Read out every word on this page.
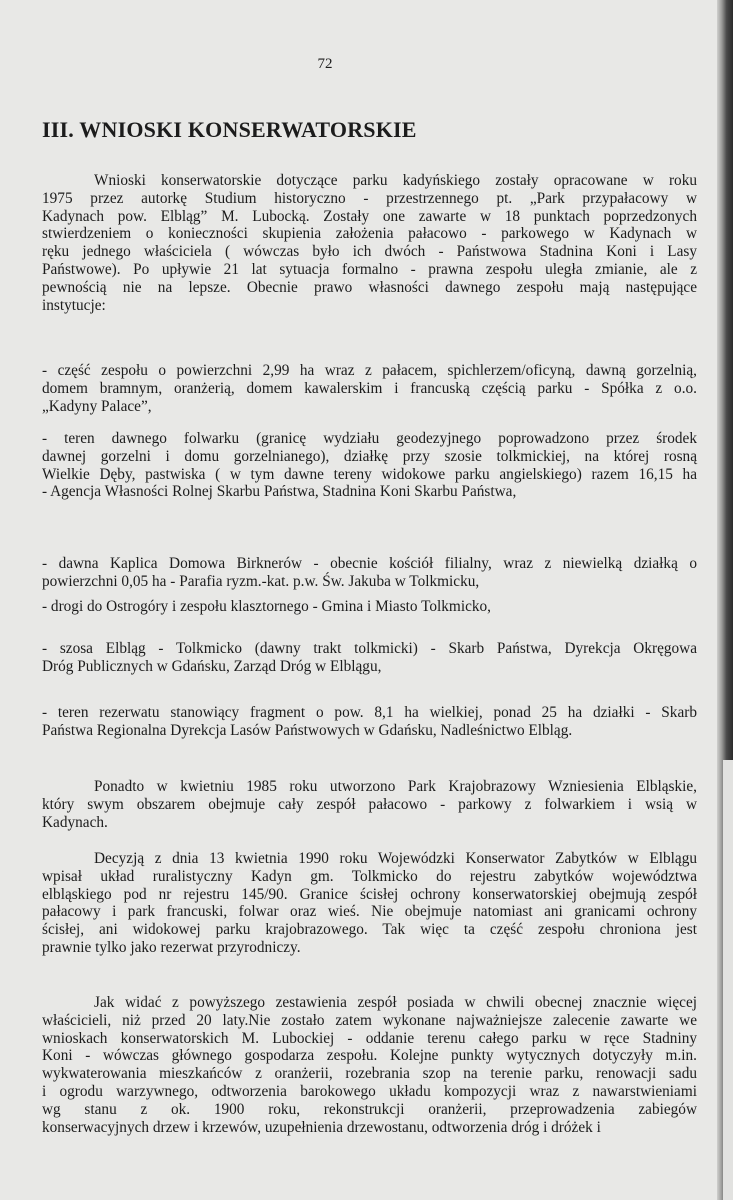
72
III. WNIOSKI KONSERWATORSKIE
Wnioski konserwatorskie dotyczące parku kadyńskiego zostały opracowane w roku
1975 przez autorkę Studium historyczno - przestrzennego pt. „Park przypałacowy w
Kadynach pow. Elbląg” M. Lubocką. Zostały one zawarte w 18 punktach poprzedzonych
stwierdzeniem o konieczności skupienia założenia pałacowo - parkowego w Kadynach w
ręku jednego właściciela ( wówczas było ich dwóch - Państwowa Stadnina Koni i Lasy
Państwowe). Po upływie 21 lat sytuacja formalno - prawna zespołu uległa zmianie, ale z
pewnością nie na lepsze. Obecnie prawo własności dawnego zespołu mają następujące
instytucje:
- część zespołu o powierzchni 2,99 ha wraz z pałacem, spichlerzem/oficyną, dawną gorzelnią,
domem bramnym, oranżerią, domem kawalerskim i francuską częścią parku - Spółka z o.o.
„Kadyny Palace”,
- teren dawnego folwarku (granicę wydziału geodezyjnego poprowadzono przez środek
dawnej gorzelni i domu gorzelnianego), działkę przy szosie tolkmickiej, na której rosną
Wielkie Dęby, pastwiska ( w tym dawne tereny widokowe parku angielskiego) razem 16,15 ha
- Agencja Własności Rolnej Skarbu Państwa, Stadnina Koni Skarbu Państwa,
- dawna Kaplica Domowa Birknerów - obecnie kościół filialny, wraz z niewielką działką o
powierzchni 0,05 ha - Parafia ryzm.-kat. p.w. Św. Jakuba w Tolkmicku,
- drogi do Ostrogóry i zespołu klasztornego - Gmina i Miasto Tolkmicko,
- szosa Elbląg - Tolkmicko (dawny trakt tolkmicki) - Skarb Państwa, Dyrekcja Okręgowa
Dróg Publicznych w Gdańsku, Zarząd Dróg w Elblągu,
- teren rezerwatu stanowiący fragment o pow. 8,1 ha wielkiej, ponad 25 ha działki - Skarb
Państwa Regionalna Dyrekcja Lasów Państwowych w Gdańsku, Nadleśnictwo Elbląg.
Ponadto w kwietniu 1985 roku utworzono Park Krajobrazowy Wzniesienia Elbląskie,
który swym obszarem obejmuje cały zespół pałacowo - parkowy z folwarkiem i wsią w
Kadynach.
Decyzją z dnia 13 kwietnia 1990 roku Wojewódzki Konserwator Zabytków w Elblągu
wpisał układ ruralistyczny Kadyn gm. Tolkmicko do rejestru zabytków województwa
elbląskiego pod nr rejestru 145/90. Granice ścisłej ochrony konserwatorskiej obejmują zespół
pałacowy i park francuski, folwar oraz wieś. Nie obejmuje natomiast ani granicami ochrony
ścisłej, ani widokowej parku krajobrazowego. Tak więc ta część zespołu chroniona jest
prawnie tylko jako rezerwat przyrodniczy.
Jak widać z powyższego zestawienia zespół posiada w chwili obecnej znacznie więcej
właścicieli, niż przed 20 laty.Nie zostało zatem wykonane najważniejsze zalecenie zawarte we
wnioskach konserwatorskich M. Lubockiej - oddanie terenu całego parku w ręce Stadniny
Koni - wówczas głównego gospodarza zespołu. Kolejne punkty wytycznych dotyczyły m.in.
wykwaterowania mieszkańców z oranżerii, rozebrania szop na terenie parku, renowacji sadu
i ogrodu warzywnego, odtworzenia barokowego układu kompozycji wraz z nawarstwieniami
wg stanu z ok. 1900 roku, rekonstrukcji oranżerii, przeprowadzenia zabiegów
konserwacyjnych drzew i krzewów, uzupełnienia drzewostanu, odtworzenia dróg i dróżek i
